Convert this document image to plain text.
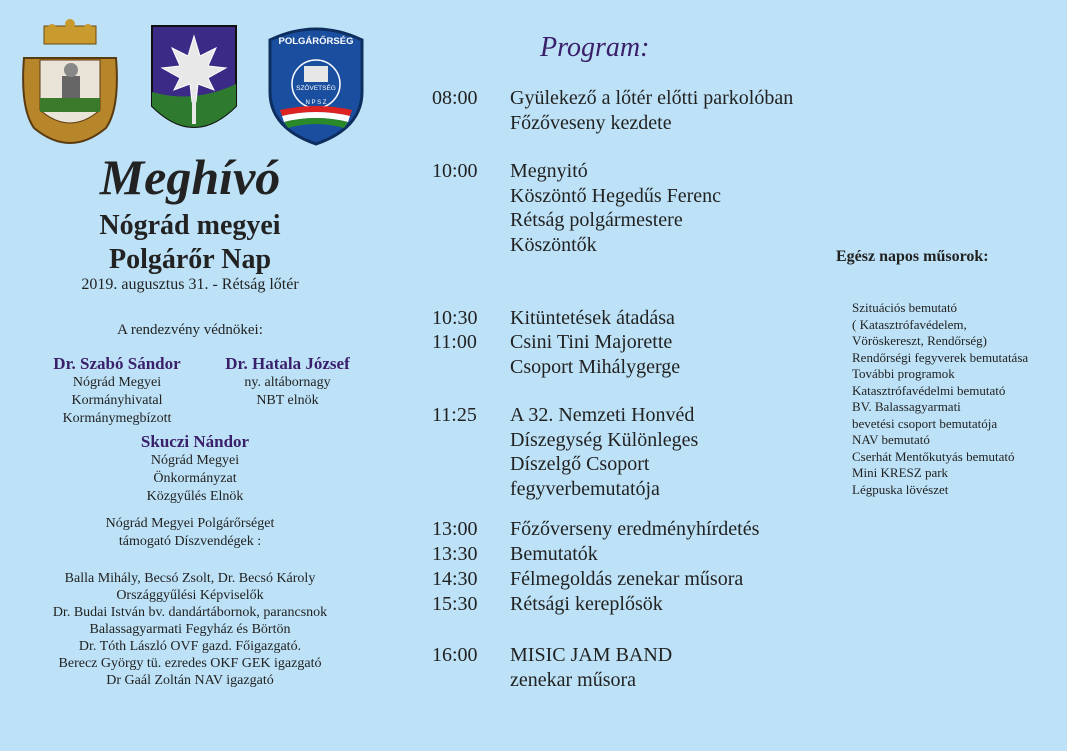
POLGÁRŐRSÉG
SZÖVETSÉG
N P S Z
Meghívó
Nógrád megyei
Polgárőr Nap
2019. augusztus 31. - Rétság lőtér
A rendezvény védnökei:
Dr. Szabó Sándor
Nógrád Megyei
Kormányhivatal
Kormánymegbízott
Dr. Hatala József
ny. altábornagy
NBT elnök
Skuczi Nándor
Nógrád Megyei
Önkormányzat
Közgyűlés Elnök
Nógrád Megyei Polgárőrséget
támogató Díszvendégek :
Balla Mihály, Becsó Zsolt, Dr. Becsó Károly
Országgyűlési Képviselők
Dr. Budai István bv. dandártábornok, parancsnok
Balassagyarmati Fegyház és Börtön
Dr. Tóth László OVF gazd. Főigazgató.
Berecz György tü. ezredes OKF GEK igazgató
Dr Gaál Zoltán NAV igazgató
Program:
08:00	Gyülekező a lőtér előtti parkolóban
Főzőveseny kezdete
10:00	Megnyitó
Köszöntő Hegedűs Ferenc
Rétság polgármestere
Köszöntők
10:30	Kitüntetések átadása
11:00	Csini Tini Majorette
Csoport Mihálygerge
11:25	A 32. Nemzeti Honvéd
Díszegység Különleges
Díszelgő Csoport
fegyverbemutatója
13:00	Főzőverseny eredményhírdetés
13:30	Bemutatók
14:30	Félmegoldás zenekar műsora
15:30	Rétsági kereplősök
16:00	MISIC JAM BAND
zenekar műsora
Egész napos műsorok:
Szituációs bemutató
( Katasztrófavédelem,
Vöröskereszt, Rendőrség)
Rendőrségi fegyverek bemutatása
További programok
Katasztrófavédelmi bemutató
BV. Balassagyarmati
bevetési csoport bemutatója
NAV bemutató
Cserhát Mentőkutyás bemutató
Mini KRESZ park
Légpuska lövészet
